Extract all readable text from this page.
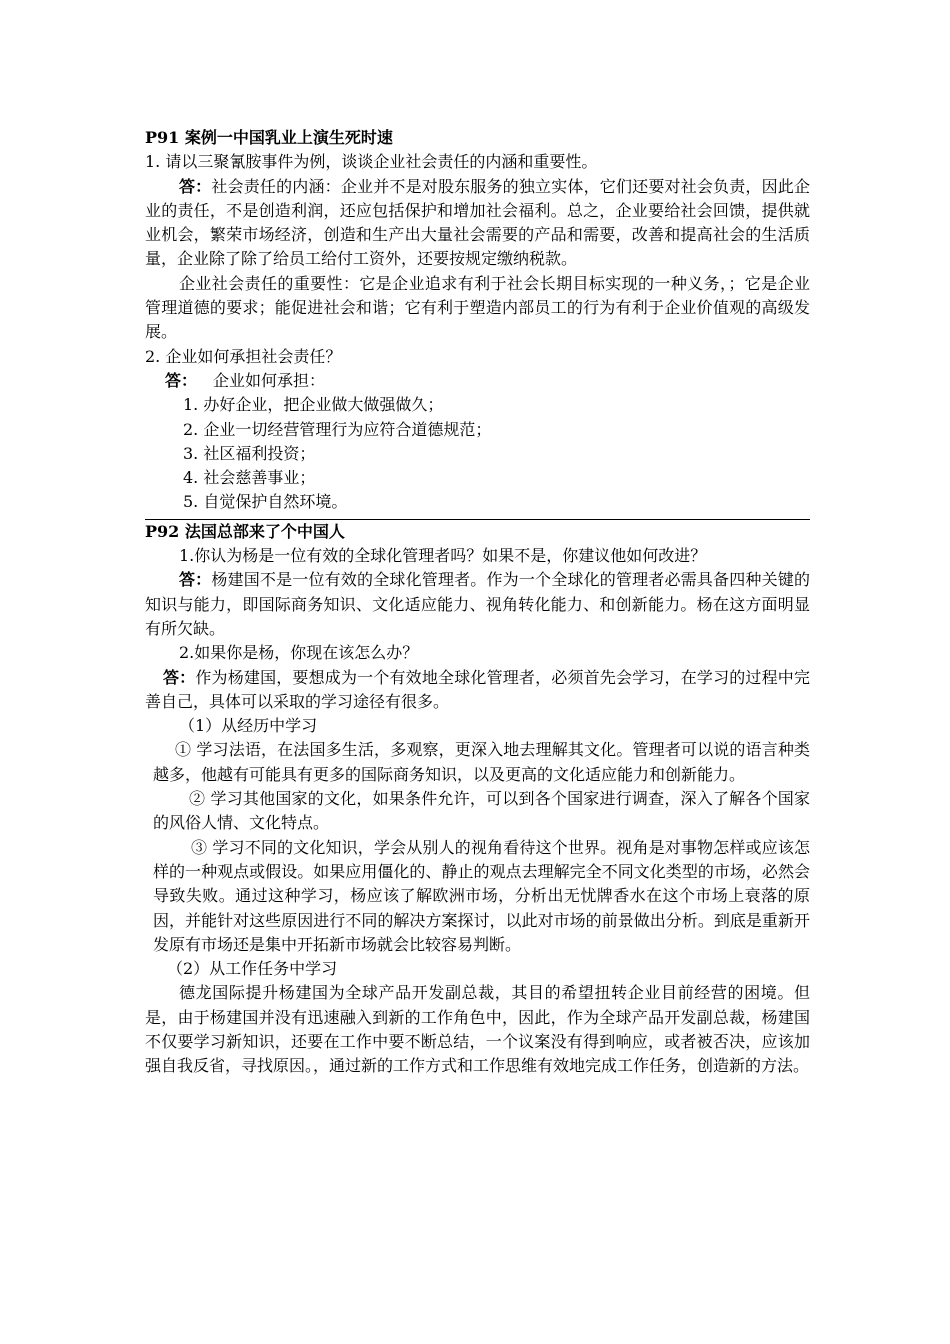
P91 案例一中国乳业上演生死时速

1. 请以三聚氰胺事件为例，谈谈企业社会责任的内涵和重要性。

答：社会责任的内涵：企业并不是对股东服务的独立实体，它们还要对社会负责，因此企业的责任，不是创造利润，还应包括保护和增加社会福利。总之，企业要给社会回馈，提供就业机会，繁荣市场经济，创造和生产出大量社会需要的产品和需要，改善和提高社会的生活质量，企业除了除了给员工给付工资外，还要按规定缴纳税款。

企业社会责任的重要性：它是企业追求有利于社会长期目标实现的一种义务，；它是企业管理道德的要求；能促进社会和谐；它有利于塑造内部员工的行为有利于企业价值观的高级发展。

2. 企业如何承担社会责任？

答： 企业如何承担：

1. 办好企业，把企业做大做强做久；

2. 企业一切经营管理行为应符合道德规范；

3. 社区福利投资；

4. 社会慈善事业；

5. 自觉保护自然环境。

P92 法国总部来了个中国人

1.你认为杨是一位有效的全球化管理者吗？如果不是，你建议他如何改进？

答：杨建国不是一位有效的全球化管理者。作为一个全球化的管理者必需具备四种关键的知识与能力，即国际商务知识、文化适应能力、视角转化能力、和创新能力。杨在这方面明显有所欠缺。

2.如果你是杨，你现在该怎么办？

答：作为杨建国，要想成为一个有效地全球化管理者，必须首先会学习，在学习的过程中完善自己，具体可以采取的学习途径有很多。

（1）从经历中学习

① 学习法语，在法国多生活，多观察，更深入地去理解其文化。管理者可以说的语言种类越多，他越有可能具有更多的国际商务知识，以及更高的文化适应能力和创新能力。

② 学习其他国家的文化，如果条件允许，可以到各个国家进行调查，深入了解各个国家的风俗人情、文化特点。

③ 学习不同的文化知识，学会从别人的视角看待这个世界。视角是对事物怎样或应该怎样的一种观点或假设。如果应用僵化的、静止的观点去理解完全不同文化类型的市场，必然会导致失败。通过这种学习，杨应该了解欧洲市场，分析出无忧牌香水在这个市场上衰落的原因，并能针对这些原因进行不同的解决方案探讨，以此对市场的前景做出分析。到底是重新开发原有市场还是集中开拓新市场就会比较容易判断。

（2）从工作任务中学习

德龙国际提升杨建国为全球产品开发副总裁，其目的希望扭转企业目前经营的困境。但是，由于杨建国并没有迅速融入到新的工作角色中，因此，作为全球产品开发副总裁，杨建国不仅要学习新知识，还要在工作中要不断总结，一个议案没有得到响应，或者被否决，应该加强自我反省，寻找原因。，通过新的工作方式和工作思维有效地完成工作任务，创造新的方法。
